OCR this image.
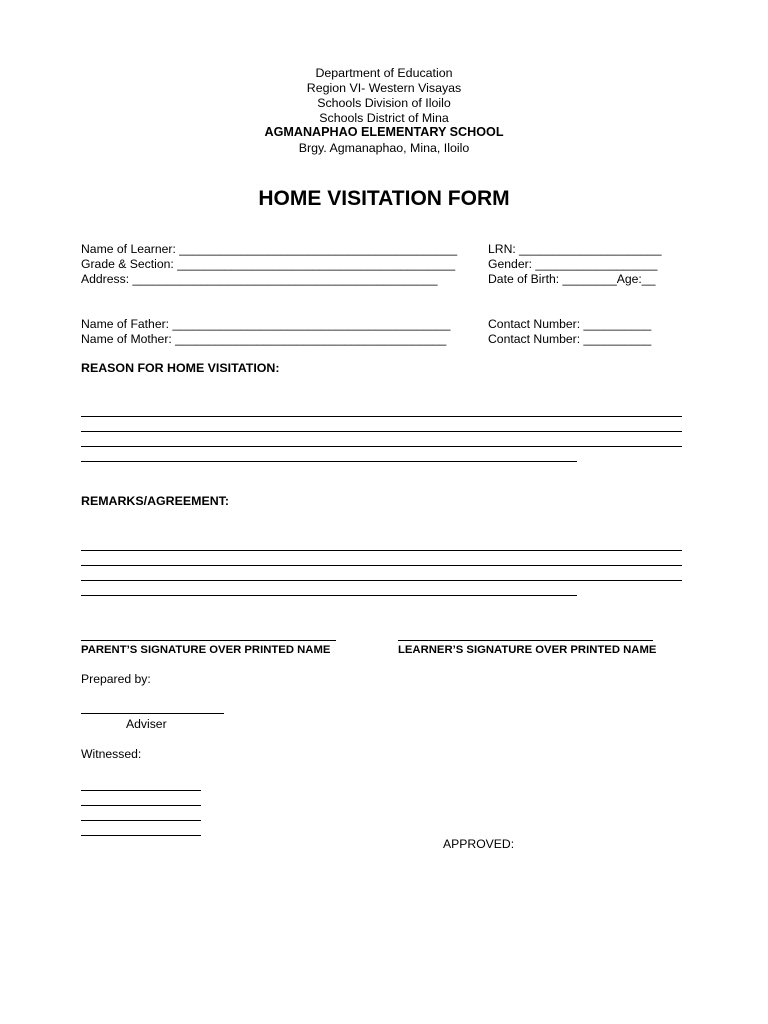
Department of Education
Region VI- Western Visayas
Schools Division of Iloilo
Schools District of Mina
AGMANAPHAO ELEMENTARY SCHOOL
Brgy. Agmanaphao, Mina, Iloilo
HOME VISITATION FORM
Name of Learner: _________________________________________
Grade & Section: _________________________________________
Address: _____________________________________________
LRN: _____________________
Gender: __________________
Date of Birth: ________Age:__
Name of Father: _________________________________________
Name of Mother: ________________________________________
Contact Number: __________
Contact Number: __________
REASON FOR HOME VISITATION:
REMARKS/AGREEMENT:
PARENT’S SIGNATURE OVER PRINTED NAME	LEARNER’S SIGNATURE OVER PRINTED NAME
Prepared by:
Adviser
Witnessed:
APPROVED:
